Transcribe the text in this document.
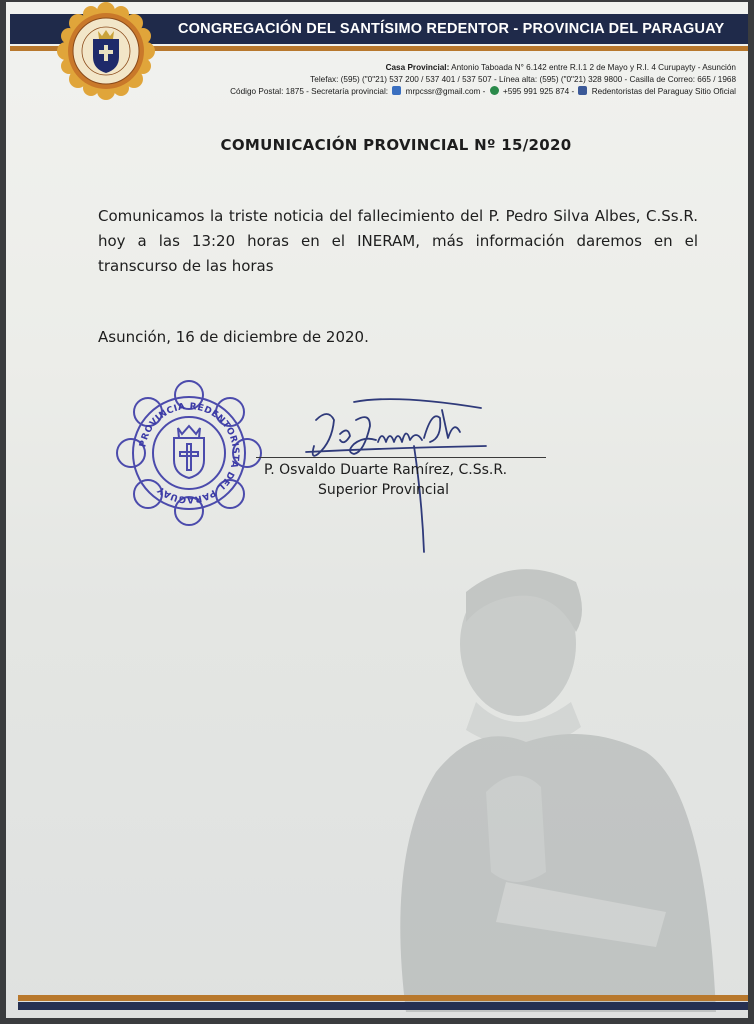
CONGREGACIÓN DEL SANTÍSIMO REDENTOR - PROVINCIA DEL PARAGUAY
Casa Provincial: Antonio Taboada N° 6.142 entre R.I.1 2 de Mayo y R.I. 4 Curupayty - Asunción
Telefax: (595) ("0"21) 537 200 / 537 401 / 537 507 - Línea alta: (595) ("0"21) 328 9800 - Casilla de Correo: 665 / 1968
Código Postal: 1875 - Secretaría provincial: mrpcssr@gmail.com - +595 991 925 874 - Redentoristas del Paraguay Sitio Oficial
COMUNICACIÓN PROVINCIAL Nº 15/2020
Comunicamos la triste noticia del fallecimiento del P. Pedro Silva Albes, C.Ss.R.
hoy a las 13:20 horas en el INERAM, más información daremos en el
transcurso de las horas
Asunción, 16 de diciembre de 2020.
PROVINCIA REDENTORISTA DEL PARAGUAY
P. Osvaldo Duarte Ramírez, C.Ss.R.
Superior Provincial
